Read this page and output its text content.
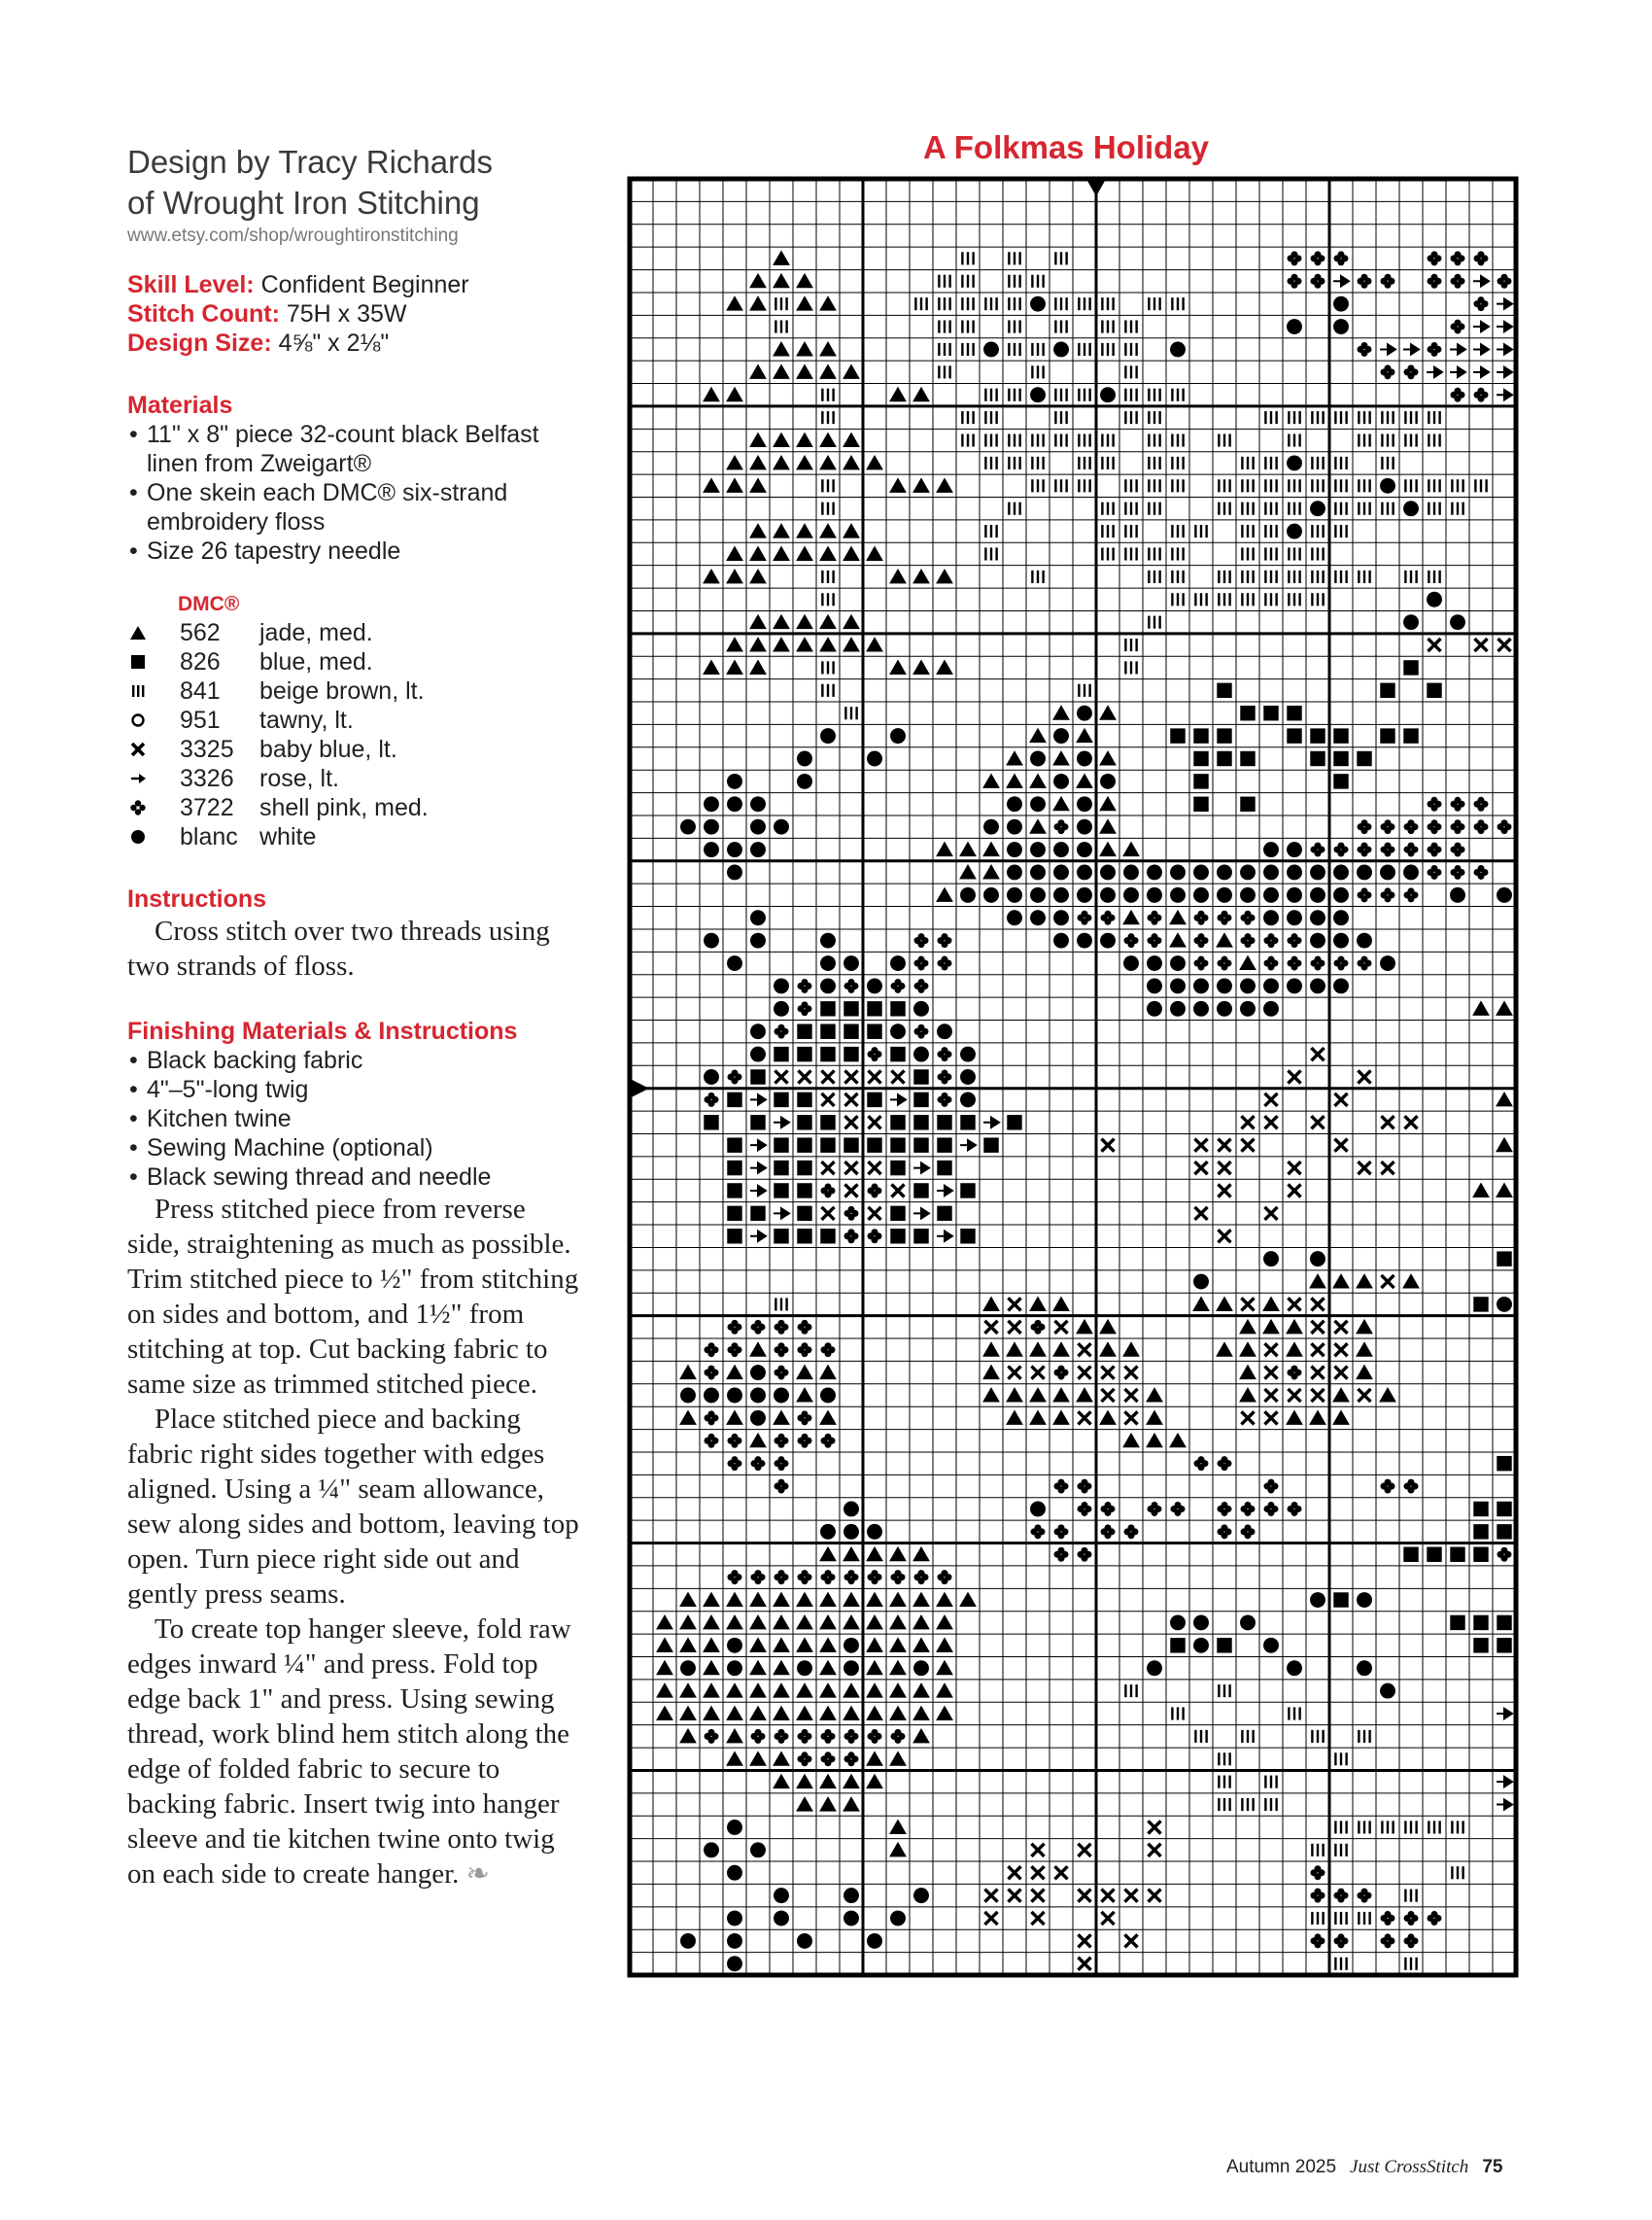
Design by Tracy Richards
of Wrought Iron Stitching
www.etsy.com/shop/wroughtironstitching
Skill Level: Confident Beginner
Stitch Count: 75H x 35W
Design Size: 4⅝" x 2⅛"
Materials
• 11" x 8" piece 32-count black Belfast linen from Zweigart®
• One skein each DMC® six-strand embroidery floss
• Size 26 tapestry needle
DMC®
562	jade, med.
826	blue, med.
841	beige brown, lt.
951	tawny, lt.
3325	baby blue, lt.
3326	rose, lt.
3722	shell pink, med.
blanc white
Instructions
Cross stitch over two threads using two strands of floss.
Finishing Materials & Instructions
• Black backing fabric
• 4"–5"-long twig
• Kitchen twine
• Sewing Machine (optional)
• Black sewing thread and needle
Press stitched piece from reverse side, straightening as much as possible. Trim stitched piece to ½" from stitching on sides and bottom, and 1½" from stitching at top. Cut backing fabric to same size as trimmed stitched piece.
Place stitched piece and backing fabric right sides together with edges aligned. Using a ¼" seam allowance, sew along sides and bottom, leaving top open. Turn piece right side out and gently press seams.
To create top hanger sleeve, fold raw edges inward ¼" and press. Fold top edge back 1" and press. Using sewing thread, work blind hem stitch along the edge of folded fabric to secure to backing fabric. Insert twig into hanger sleeve and tie kitchen twine onto twig on each side to create hanger. ❧
A Folkmas Holiday
Autumn 2025 Just CrossStitch 75
